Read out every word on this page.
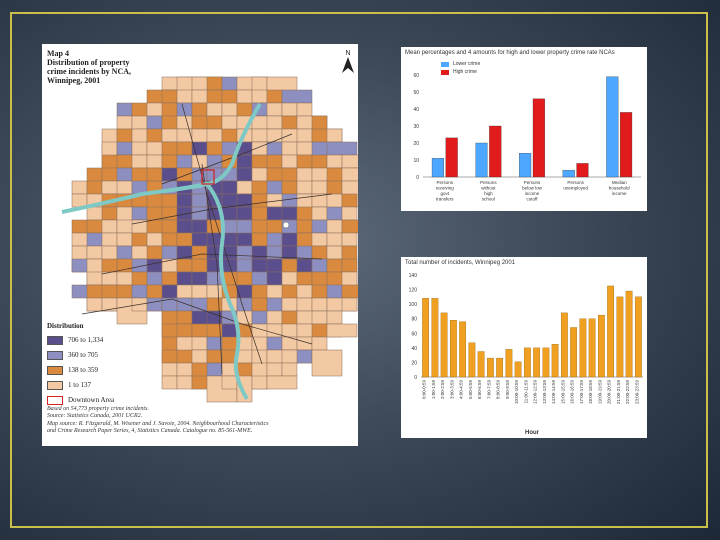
Map 4
Distribution of property
crime incidents by NCA,
Winnipeg, 2001
N
Distribution
706 to 1,334
360 to 705
138 to 359
1 to 137
Downtown Area
Based on 54,773 property crime incidents.
Source: Statistics Canada, 2001 UCR2.
Map source: R. Fitzgerald, M. Wisener and J. Savoie, 2004. Neighbourhood Characteristics
and Crime Research Paper Series, 4, Statistics Canada. Catalogue no. 85-561-MWE.
Mean percentages and 4 amounts for high and lower property crime rate NCAs
Lower crime
High crime
0
10
20
30
40
50
60
Persons
receiving
govt
transfers
Persons
without
high
school
Persons
below low
income
cutoff
Persons
unemployed
Median
household
income
Total number of incidents, Winnipeg 2001
0
20
40
60
80
100
120
140
0:00-0:59 1:00-1:59 2:00-2:59 3:00-3:59 4:00-4:59 5:00-5:59 6:00-6:59 7:00-7:59 8:00-8:59 9:00-9:59 10:00-10:59 11:00-11:59 12:00-12:59 13:00-13:59 14:00-14:59 15:00-15:59 16:00-16:59 17:00-17:59 18:00-18:59 19:00-19:59 20:00-20:59 21:00-21:59 22:00-22:59 23:00-23:59
Hour
